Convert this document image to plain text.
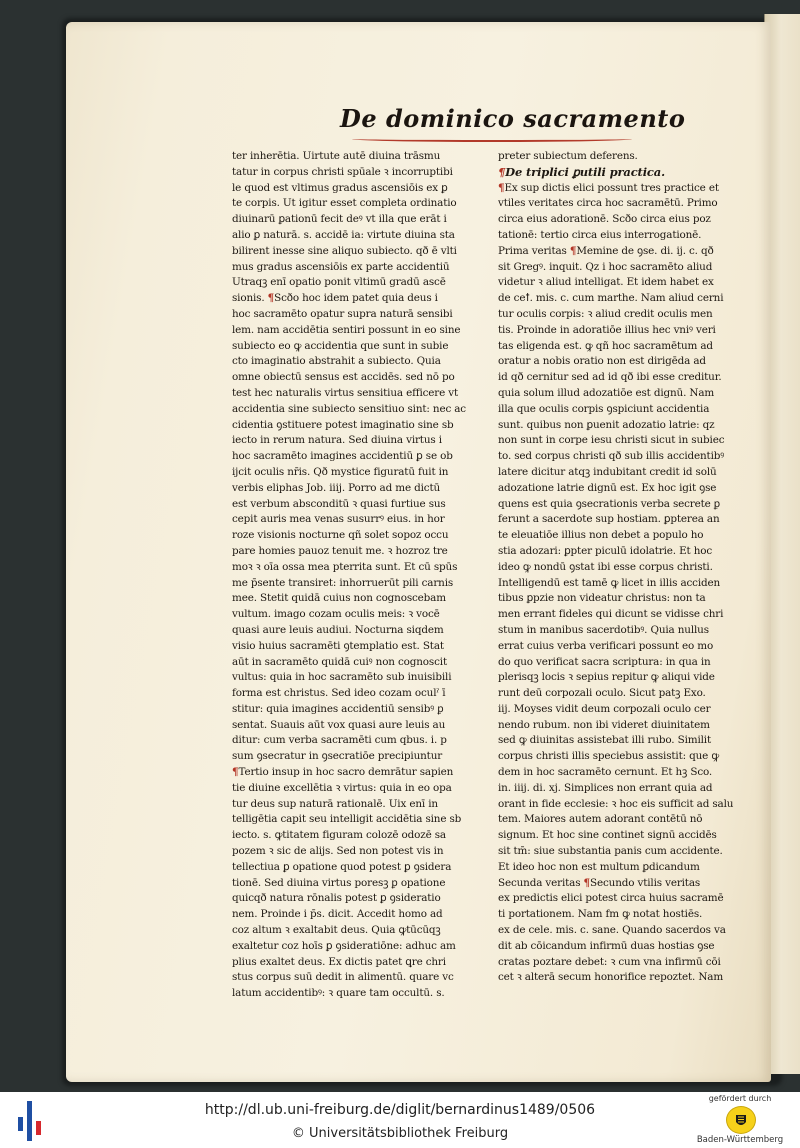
De dominico sacramento
ter inherētia. Uirtute autē diuina trāsmu
tatur in corpus christi spūale ꝛ incorruptibi
le quod est vltimus gradus ascensiōis ex ꝑ
te corpis. Ut igitur esset completa ordinatio
diuinarū ꝑationū fecit deꝰ vt illa que erāt i
alio ꝑ naturā. s. accidē ia: virtute diuina sta
bilirent inesse sine aliquo subiecto. qð ē vlti
mus gradus ascensiōis ex parte accidentiū
Utraqꝫ enī opatio ponit vltimū gradū ascē
sionis. ¶Scðo hoc idem patet quia deus i
hoc sacramēto opatur supra naturā sensibi
lem. nam accidētia sentiri possunt in eo sine
subiecto eo ꝙ accidentia que sunt in subie
cto imaginatio abstrahit a subiecto. Quia
omne obiectū sensus est accidēs. sed nō po
test hec naturalis virtus sensitiua efficere vt
accidentia sine subiecto sensitiuo sint: nec ac
cidentia ꝯstituere potest imaginatio sine sb
iecto in rerum natura. Sed diuina virtus i
hoc sacramēto imagines accidentiū ꝑ se ob
ijcit oculis nr̄is. Qð mystice figuratū fuit in
verbis eliphas Job. iiij. Porro ad me dictū
est verbum absconditū ꝛ quasi furtiue sus
cepit auris mea venas susurrꝰ eius. in hor
roze visionis nocturne qñ solet sopoz occu
pare homies pauoz tenuit me. ꝛ hozroz tre
moꝛ ꝛ oīa ossa mea pterrita sunt. Et cū spūs
me p̄sente transiret: inhorruerūt pili carnis
mee. Stetit quidā cuius non cognoscebam
vultum. imago cozam oculis meis: ꝛ vocē
quasi aure leuis audiui. Nocturna siqdem
visio huius sacramēti ꝯtemplatio est. Stat
aūt in sacramēto quidā cuiꝰ non cognoscit
vultus: quia in hoc sacramēto sub inuisibili
forma est christus. Sed ideo cozam oculˀ ī
stitur: quia imagines accidentiū sensibꝰ ꝑ
sentat. Suauis aūt vox quasi aure leuis au
ditur: cum verba sacramēti cum qbus. i. p
sum ꝯsecratur in ꝯsecratiōe precipiuntur
¶Tertio insup in hoc sacro demrātur sapien
tie diuine excellētia ꝛ virtus: quia in eo opa
tur deus sup naturā rationalē. Uix enī in
telligētia capit seu intelligit accidētia sine sb
iecto. s. ꝙtitatem figuram colozē odozē sa
pozem ꝛ sic de alijs. Sed non potest vis in
tellectiua ꝑ opatione quod potest ꝑ ꝯsidera
tionē. Sed diuina virtus poresꝫ ꝑ opatione
quicqð natura rōnalis potest ꝑ ꝯsideratio
nem. Proinde i p̄s. dicit. Accedit homo ad
coz altum ꝛ exaltabit deus. Quia ꝙtūcūqꝫ
exaltetur coz hoīs ꝑ ꝯsideratiōne: adhuc am
plius exaltet deus. Ex dictis patet ꝗre chri
stus corpus suū dedit in alimentū. quare vc
latum accidentibꝰ: ꝛ quare tam occultū. s.
preter subiectum deferens.
¶De triplici ꝑutili practica.
¶Ex sup dictis elici possunt tres practice et
vtiles veritates circa hoc sacramētū. Primo
circa eius adorationē. Scðo circa eius poz
tationē: tertio circa eius interrogationē.
Prima veritas ¶Memine de ꝯse. di. ij. c. qð
sit Gregꝰ. inquit. Qz i hoc sacramēto aliud
videtur ꝛ aliud intelligat. Et idem habet ex
de ceꝉ. mis. c. cum marthe. Nam aliud cerni
tur oculis corpis: ꝛ aliud credit oculis men
tis. Proinde in adoratiōe illius hec vniꝰ veri
tas eligenda est. ꝙ qñ hoc sacramētum ad
oratur a nobis oratio non est dirigēda ad
id qð cernitur sed ad id qð ibi esse creditur.
quia solum illud adozatiōe est dignū. Nam
illa que oculis corpis ꝯspiciunt accidentia
sunt. quibus non ꝑuenit adozatio latrie: qz
non sunt in corpe iesu christi sicut in subiec
to. sed corpus christi qð sub illis accidentibꝰ
latere dicitur atqꝫ indubitant credit id solū
adozatione latrie dignū est. Ex hoc igit ꝯse
quens est quia ꝯsecrationis verba secrete ꝑ
ferunt a sacerdote sup hostiam. ꝑpterea an
te eleuatiōe illius non debet a populo ho
stia adozari: ꝑpter piculū idolatrie. Et hoc
ideo ꝙ nondū ꝯstat ibi esse corpus christi.
Intelligendū est tamē ꝙ licet in illis acciden
tibus ꝑpzie non videatur christus: non ta
men errant fideles qui dicunt se vidisse chri
stum in manibus sacerdotibꝰ. Quia nullus
errat cuius verba verificari possunt eo mo
do quo verificat sacra scriptura: in qua in
plerisqꝫ locis ꝛ sepius repitur ꝙ aliqui vide
runt deū corpozali oculo. Sicut patꝫ Exo.
iij. Moyses vidit deum corpozali oculo cer
nendo rubum. non ibi videret diuinitatem
sed ꝙ diuinitas assistebat illi rubo. Similit
corpus christi illis speciebus assistit: que ꝙ
dem in hoc sacramēto cernunt. Et hꝫ Sco.
in. iiij. di. xj. Simplices non errant quia ad
orant in fide ecclesie: ꝛ hoc eis sufficit ad salu
tem. Maiores autem adorant contētū nō
signum. Et hoc sine continet signū accidēs
sit tm̄: siue substantia panis cum accidente.
Et ideo hoc non est multum ꝑdicandum
Secunda veritas ¶Secundo vtilis veritas
ex predictis elici potest circa huius sacramē
ti portationem. Nam fm ꝙ notat hostiēs.
ex de cele. mis. c. sane. Quando sacerdos va
dit ab cōicandum infirmū duas hostias ꝯse
cratas poztare debet: ꝛ cum vna infirmū cōi
cet ꝛ alterā secum honorifice repoztet. Nam
http://dl.ub.uni-freiburg.de/diglit/bernardinus1489/0506
© Universitätsbibliothek Freiburg
gefördert durch
Baden-Württemberg
